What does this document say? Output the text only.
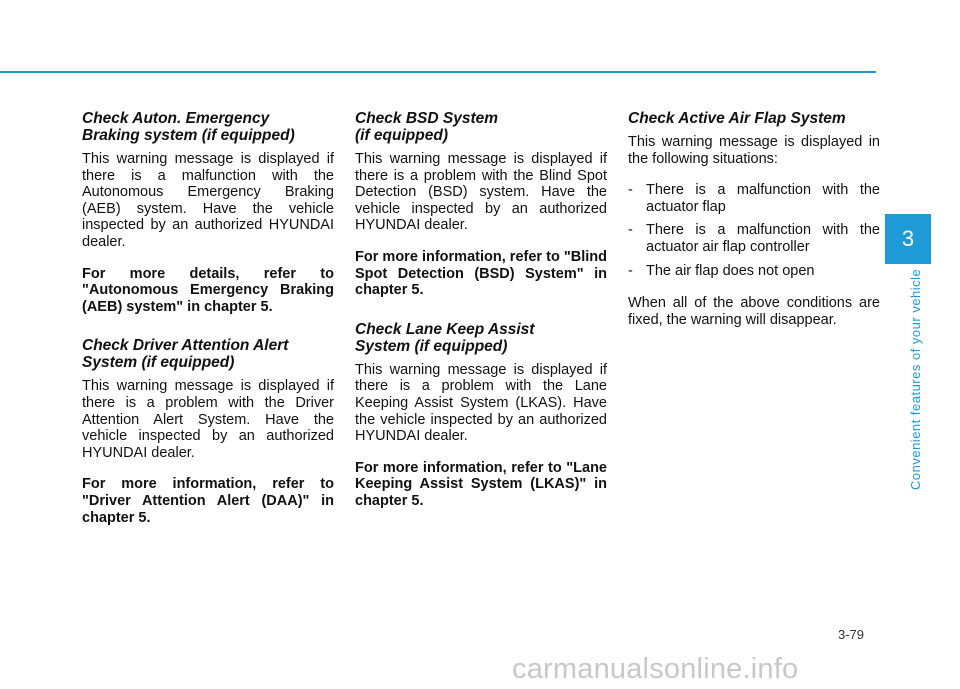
Check Auton. Emergency
Braking system (if equipped)

This warning message is displayed if there is a malfunction with the Autonomous Emergency Braking (AEB) system. Have the vehicle inspected by an authorized HYUNDAI dealer.

For more details, refer to "Autonomous Emergency Braking (AEB) system" in chapter 5.

Check Driver Attention Alert
System (if equipped)

This warning message is displayed if there is a problem with the Driver Attention Alert System. Have the vehicle inspected by an authorized HYUNDAI dealer.

For more information, refer to "Driver Attention Alert (DAA)" in chapter 5.

Check BSD System
(if equipped)

This warning message is displayed if there is a problem with the Blind Spot Detection (BSD) system. Have the vehicle inspected by an authorized HYUNDAI dealer.

For more information, refer to "Blind Spot Detection (BSD) System" in chapter 5.

Check Lane Keep Assist
System (if equipped)

This warning message is displayed if there is a problem with the Lane Keeping Assist System (LKAS). Have the vehicle inspected by an authorized HYUNDAI dealer.

For more information, refer to "Lane Keeping Assist System (LKAS)" in chapter 5.

Check Active Air Flap System

This warning message is displayed in the following situations:

- There is a malfunction with the actuator flap
- There is a malfunction with the actuator air flap controller
- The air flap does not open

When all of the above conditions are fixed, the warning will disappear.

3
Convenient features of your vehicle
3-79
carmanualsonline.info
